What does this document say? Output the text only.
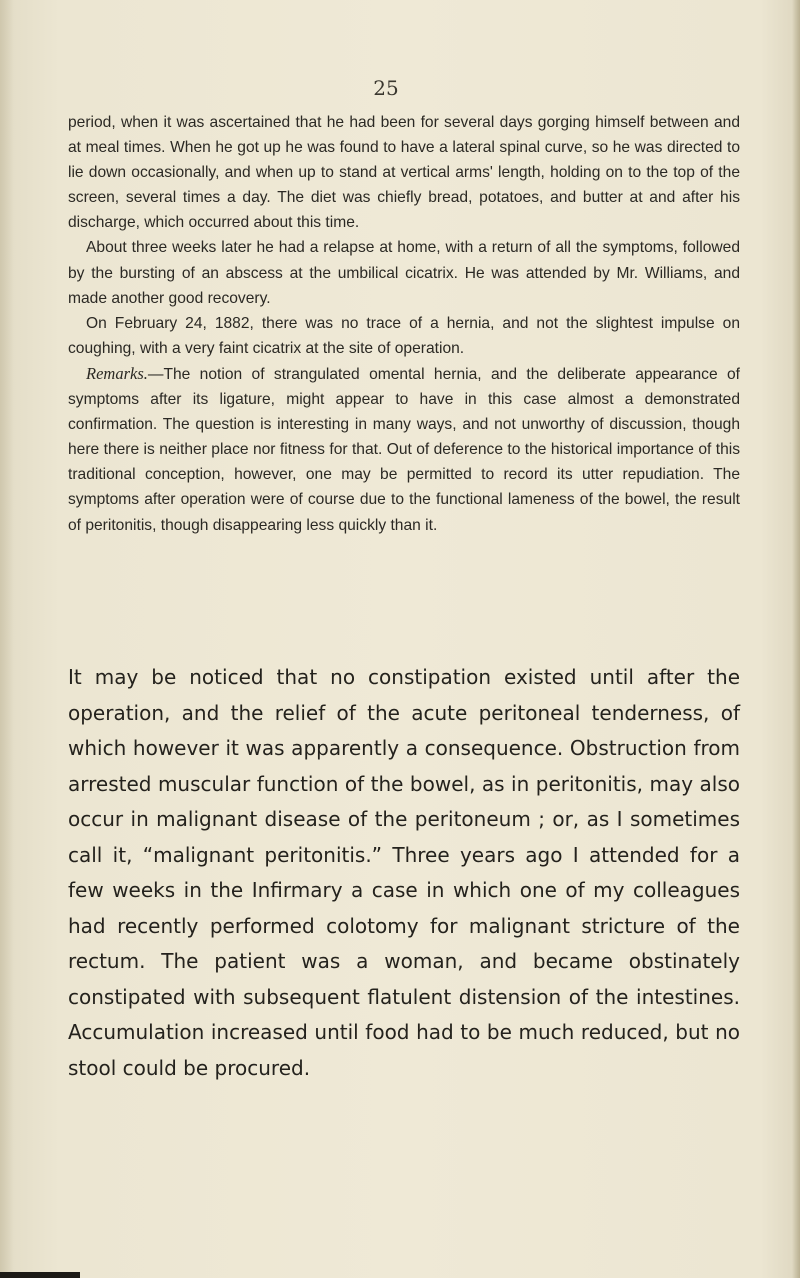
25

period, when it was ascertained that he had been for several days gorging himself between and at meal times. When he got up he was found to have a lateral spinal curve, so he was directed to lie down occasionally, and when up to stand at vertical arms' length, holding on to the top of the screen, several times a day. The diet was chiefly bread, potatoes, and butter at and after his discharge, which occurred about this time.

About three weeks later he had a relapse at home, with a return of all the symptoms, followed by the bursting of an abscess at the umbilical cicatrix. He was attended by Mr. Williams, and made another good recovery.

On February 24, 1882, there was no trace of a hernia, and not the slightest impulse on coughing, with a very faint cicatrix at the site of operation.

Remarks.—The notion of strangulated omental hernia, and the deliberate appearance of symptoms after its ligature, might appear to have in this case almost a demonstrated confirmation. The question is interesting in many ways, and not unworthy of discussion, though here there is neither place nor fitness for that. Out of deference to the historical importance of this traditional conception, however, one may be permitted to record its utter repudiation. The symptoms after operation were of course due to the functional lameness of the bowel, the result of peritonitis, though disappearing less quickly than it.

It may be noticed that no constipation existed until after the operation, and the relief of the acute peritoneal tenderness, of which however it was apparently a consequence. Obstruction from arrested muscular function of the bowel, as in peritonitis, may also occur in malignant disease of the peritoneum ; or, as I sometimes call it, “malignant peritonitis.” Three years ago I attended for a few weeks in the Infirmary a case in which one of my colleagues had recently performed colotomy for malignant stricture of the rectum. The patient was a woman, and became obstinately constipated with subsequent flatulent distension of the intestines. Accumulation increased until food had to be much reduced, but no stool could be procured.
